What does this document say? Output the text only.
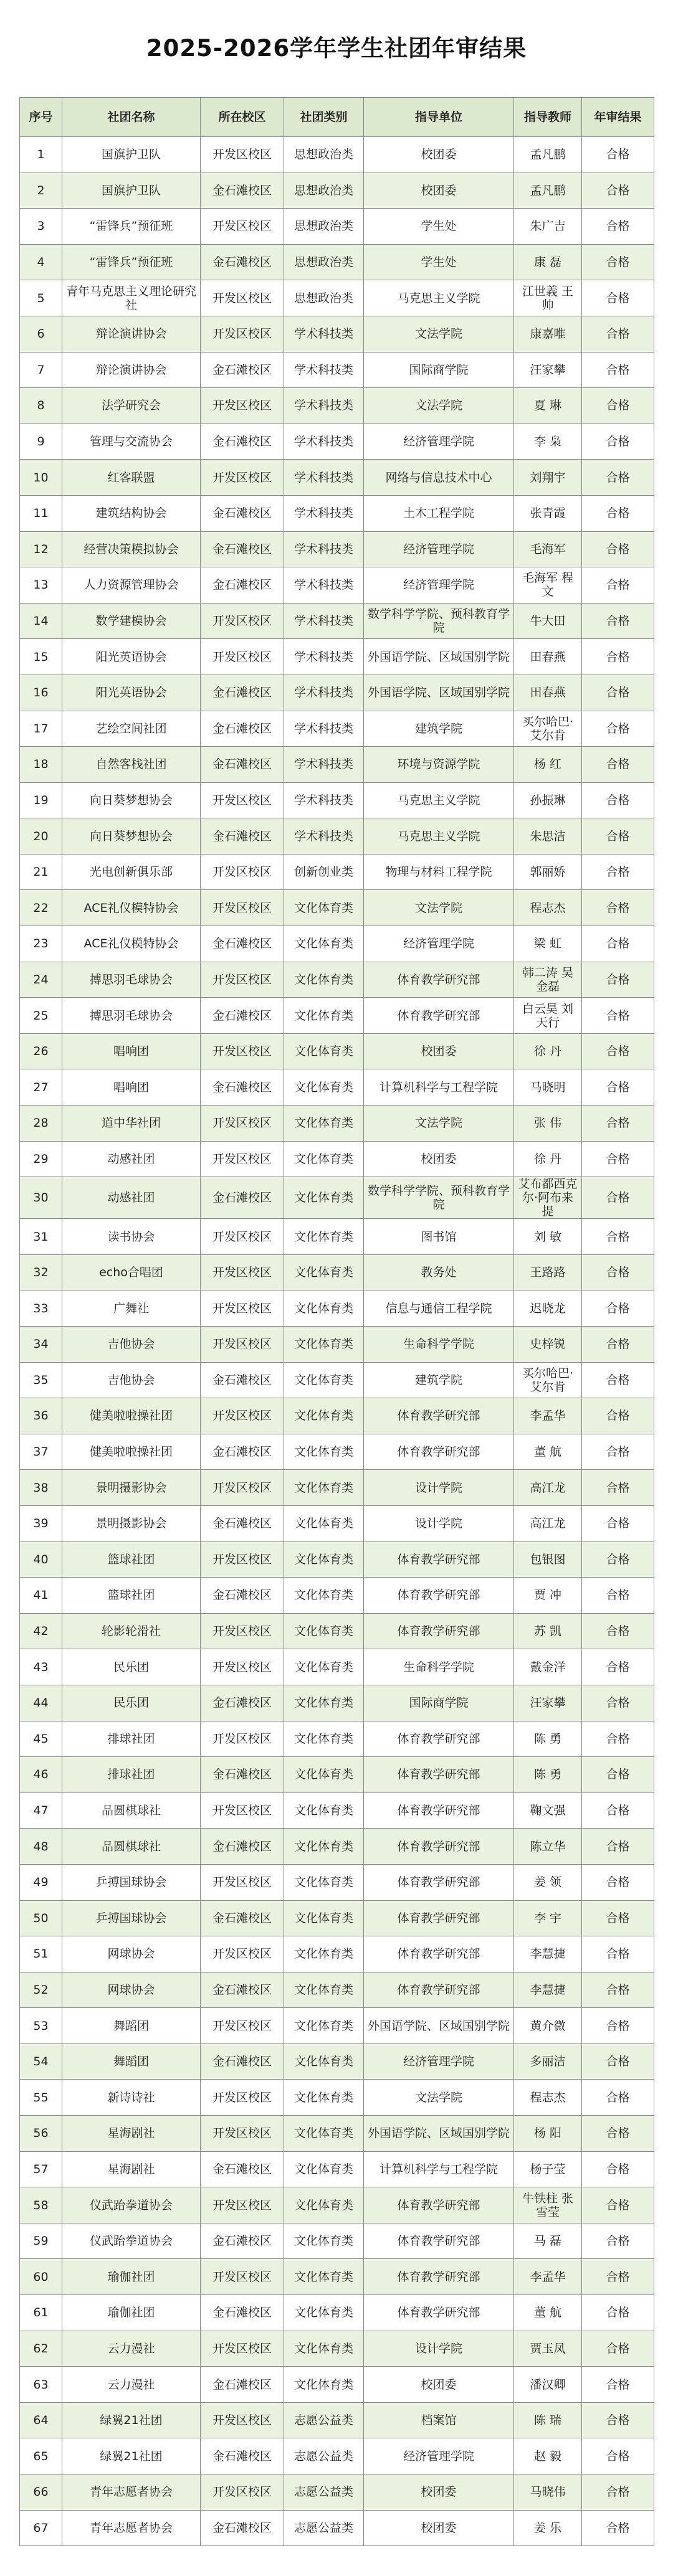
2025-2026学年学生社团年审结果
序号	社团名称	所在校区	社团类别	指导单位	指导教师	年审结果
1	国旗护卫队	开发区校区	思想政治类	校团委	孟凡鹏	合格
2	国旗护卫队	金石滩校区	思想政治类	校团委	孟凡鹏	合格
3	“雷锋兵”预征班	开发区校区	思想政治类	学生处	朱广吉	合格
4	“雷锋兵”预征班	金石滩校区	思想政治类	学生处	康 磊	合格
5	青年马克思主义理论研究社	开发区校区	思想政治类	马克思主义学院	江世義 王 帅	合格
6	辩论演讲协会	开发区校区	学术科技类	文法学院	康嘉唯	合格
7	辩论演讲协会	金石滩校区	学术科技类	国际商学院	汪家攀	合格
8	法学研究会	开发区校区	学术科技类	文法学院	夏 琳	合格
9	管理与交流协会	金石滩校区	学术科技类	经济管理学院	李 枭	合格
10	红客联盟	开发区校区	学术科技类	网络与信息技术中心	刘翔宇	合格
11	建筑结构协会	金石滩校区	学术科技类	土木工程学院	张青霞	合格
12	经营决策模拟协会	金石滩校区	学术科技类	经济管理学院	毛海军	合格
13	人力资源管理协会	金石滩校区	学术科技类	经济管理学院	毛海军 程 文	合格
14	数学建模协会	开发区校区	学术科技类	数学科学学院、预科教育学院	牛大田	合格
15	阳光英语协会	开发区校区	学术科技类	外国语学院、区域国别学院	田春燕	合格
16	阳光英语协会	金石滩校区	学术科技类	外国语学院、区域国别学院	田春燕	合格
17	艺绘空间社团	金石滩校区	学术科技类	建筑学院	买尔哈巴·艾尔肯	合格
18	自然客栈社团	金石滩校区	学术科技类	环境与资源学院	杨 红	合格
19	向日葵梦想协会	开发区校区	学术科技类	马克思主义学院	孙振琳	合格
20	向日葵梦想协会	金石滩校区	学术科技类	马克思主义学院	朱思洁	合格
21	光电创新俱乐部	开发区校区	创新创业类	物理与材料工程学院	郭丽娇	合格
22	ACE礼仪模特协会	开发区校区	文化体育类	文法学院	程志杰	合格
23	ACE礼仪模特协会	金石滩校区	文化体育类	经济管理学院	梁 虹	合格
24	搏思羽毛球协会	开发区校区	文化体育类	体育教学研究部	韩二涛 吴金磊	合格
25	搏思羽毛球协会	金石滩校区	文化体育类	体育教学研究部	白云昊 刘天行	合格
26	唱响团	开发区校区	文化体育类	校团委	徐 丹	合格
27	唱响团	金石滩校区	文化体育类	计算机科学与工程学院	马晓明	合格
28	道中华社团	开发区校区	文化体育类	文法学院	张 伟	合格
29	动感社团	开发区校区	文化体育类	校团委	徐 丹	合格
30	动感社团	金石滩校区	文化体育类	数学科学学院、预科教育学院	艾布都西克尔·阿布来提	合格
31	读书协会	开发区校区	文化体育类	图书馆	刘 敏	合格
32	echo合唱团	开发区校区	文化体育类	教务处	王路路	合格
33	广舞社	开发区校区	文化体育类	信息与通信工程学院	迟晓龙	合格
34	吉他协会	开发区校区	文化体育类	生命科学学院	史梓锐	合格
35	吉他协会	金石滩校区	文化体育类	建筑学院	买尔哈巴·艾尔肯	合格
36	健美啦啦操社团	开发区校区	文化体育类	体育教学研究部	李孟华	合格
37	健美啦啦操社团	金石滩校区	文化体育类	体育教学研究部	董 航	合格
38	景明摄影协会	开发区校区	文化体育类	设计学院	高江龙	合格
39	景明摄影协会	金石滩校区	文化体育类	设计学院	高江龙	合格
40	篮球社团	开发区校区	文化体育类	体育教学研究部	包银图	合格
41	篮球社团	金石滩校区	文化体育类	体育教学研究部	贾 冲	合格
42	轮影轮滑社	开发区校区	文化体育类	体育教学研究部	苏 凯	合格
43	民乐团	开发区校区	文化体育类	生命科学学院	戴金洋	合格
44	民乐团	金石滩校区	文化体育类	国际商学院	汪家攀	合格
45	排球社团	开发区校区	文化体育类	体育教学研究部	陈 勇	合格
46	排球社团	金石滩校区	文化体育类	体育教学研究部	陈 勇	合格
47	品圆棋球社	开发区校区	文化体育类	体育教学研究部	鞠文强	合格
48	品圆棋球社	金石滩校区	文化体育类	体育教学研究部	陈立华	合格
49	乒搏国球协会	开发区校区	文化体育类	体育教学研究部	姜 领	合格
50	乒搏国球协会	金石滩校区	文化体育类	体育教学研究部	李 宇	合格
51	网球协会	开发区校区	文化体育类	体育教学研究部	李慧捷	合格
52	网球协会	金石滩校区	文化体育类	体育教学研究部	李慧捷	合格
53	舞蹈团	开发区校区	文化体育类	外国语学院、区域国别学院	黄介微	合格
54	舞蹈团	金石滩校区	文化体育类	经济管理学院	多丽洁	合格
55	新诗诗社	开发区校区	文化体育类	文法学院	程志杰	合格
56	星海剧社	开发区校区	文化体育类	外国语学院、区域国别学院	杨 阳	合格
57	星海剧社	金石滩校区	文化体育类	计算机科学与工程学院	杨子莹	合格
58	仪武跆拳道协会	开发区校区	文化体育类	体育教学研究部	牛铁柱 张雪莹	合格
59	仪武跆拳道协会	金石滩校区	文化体育类	体育教学研究部	马 磊	合格
60	瑜伽社团	开发区校区	文化体育类	体育教学研究部	李孟华	合格
61	瑜伽社团	金石滩校区	文化体育类	体育教学研究部	董 航	合格
62	云力漫社	开发区校区	文化体育类	设计学院	贾玉凤	合格
63	云力漫社	金石滩校区	文化体育类	校团委	潘汉卿	合格
64	绿翼21社团	开发区校区	志愿公益类	档案馆	陈 瑞	合格
65	绿翼21社团	金石滩校区	志愿公益类	经济管理学院	赵 毅	合格
66	青年志愿者协会	开发区校区	志愿公益类	校团委	马晓伟	合格
67	青年志愿者协会	金石滩校区	志愿公益类	校团委	姜 乐	合格
